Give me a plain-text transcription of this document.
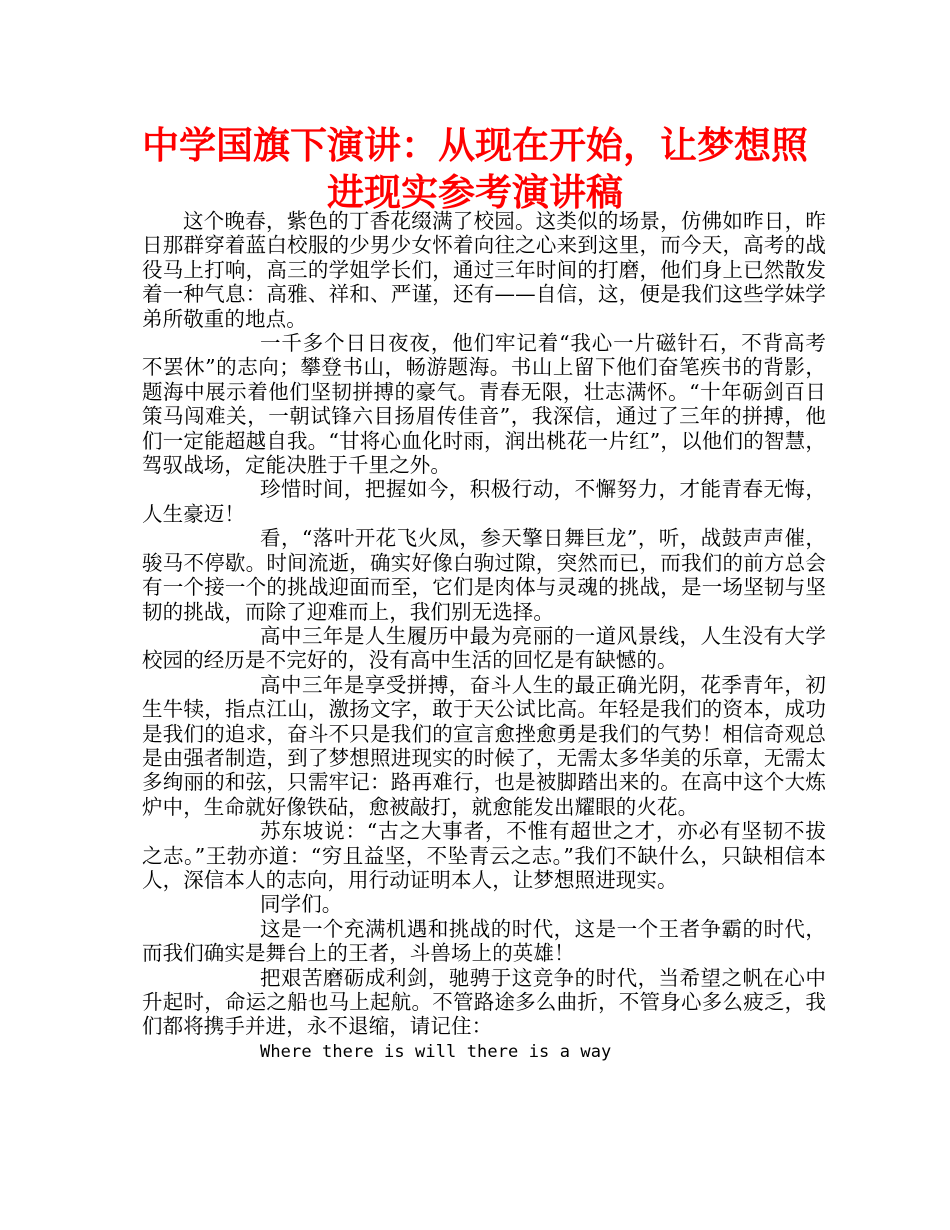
中学国旗下演讲：从现在开始，让梦想照进现实参考演讲稿

这个晚春，紫色的丁香花缀满了校园。这类似的场景，仿佛如昨日，昨日那群穿着蓝白校服的少男少女怀着向往之心来到这里，而今天，高考的战役马上打响，高三的学姐学长们，通过三年时间的打磨，他们身上已然散发着一种气息：高雅、祥和、严谨，还有——自信，这，便是我们这些学妹学弟所敬重的地点。

一千多个日日夜夜，他们牢记着“我心一片磁针石，不背高考不罢休”的志向；攀登书山，畅游题海。书山上留下他们奋笔疾书的背影，题海中展示着他们坚韧拼搏的豪气。青春无限，壮志满怀。“十年砺剑百日策马闯难关，一朝试锋六目扬眉传佳音”，我深信，通过了三年的拼搏，他们一定能超越自我。“甘将心血化时雨，润出桃花一片红”，以他们的智慧，驾驭战场，定能决胜于千里之外。

珍惜时间，把握如今，积极行动，不懈努力，才能青春无悔，人生豪迈！

看，“落叶开花飞火凤，参天擎日舞巨龙”，听，战鼓声声催，骏马不停歇。时间流逝，确实好像白驹过隙，突然而已，而我们的前方总会有一个接一个的挑战迎面而至，它们是肉体与灵魂的挑战，是一场坚韧与坚韧的挑战，而除了迎难而上，我们别无选择。

高中三年是人生履历中最为亮丽的一道风景线，人生没有大学校园的经历是不完好的，没有高中生活的回忆是有缺憾的。

高中三年是享受拼搏，奋斗人生的最正确光阴，花季青年，初生牛犊，指点江山，激扬文字，敢于天公试比高。年轻是我们的资本，成功是我们的追求，奋斗不只是我们的宣言愈挫愈勇是我们的气势！相信奇观总是由强者制造，到了梦想照进现实的时候了，无需太多华美的乐章，无需太多绚丽的和弦，只需牢记：路再难行，也是被脚踏出来的。在高中这个大炼炉中，生命就好像铁砧，愈被敲打，就愈能发出耀眼的火花。

苏东坡说：“古之大事者，不惟有超世之才，亦必有坚韧不拔之志。”王勃亦道：“穷且益坚，不坠青云之志。”我们不缺什么，只缺相信本人，深信本人的志向，用行动证明本人，让梦想照进现实。

同学们。

这是一个充满机遇和挑战的时代，这是一个王者争霸的时代，而我们确实是舞台上的王者，斗兽场上的英雄！

把艰苦磨砺成利剑，驰骋于这竞争的时代，当希望之帆在心中升起时，命运之船也马上起航。不管路途多么曲折，不管身心多么疲乏，我们都将携手并进，永不退缩，请记住：

Where there is will there is a way
